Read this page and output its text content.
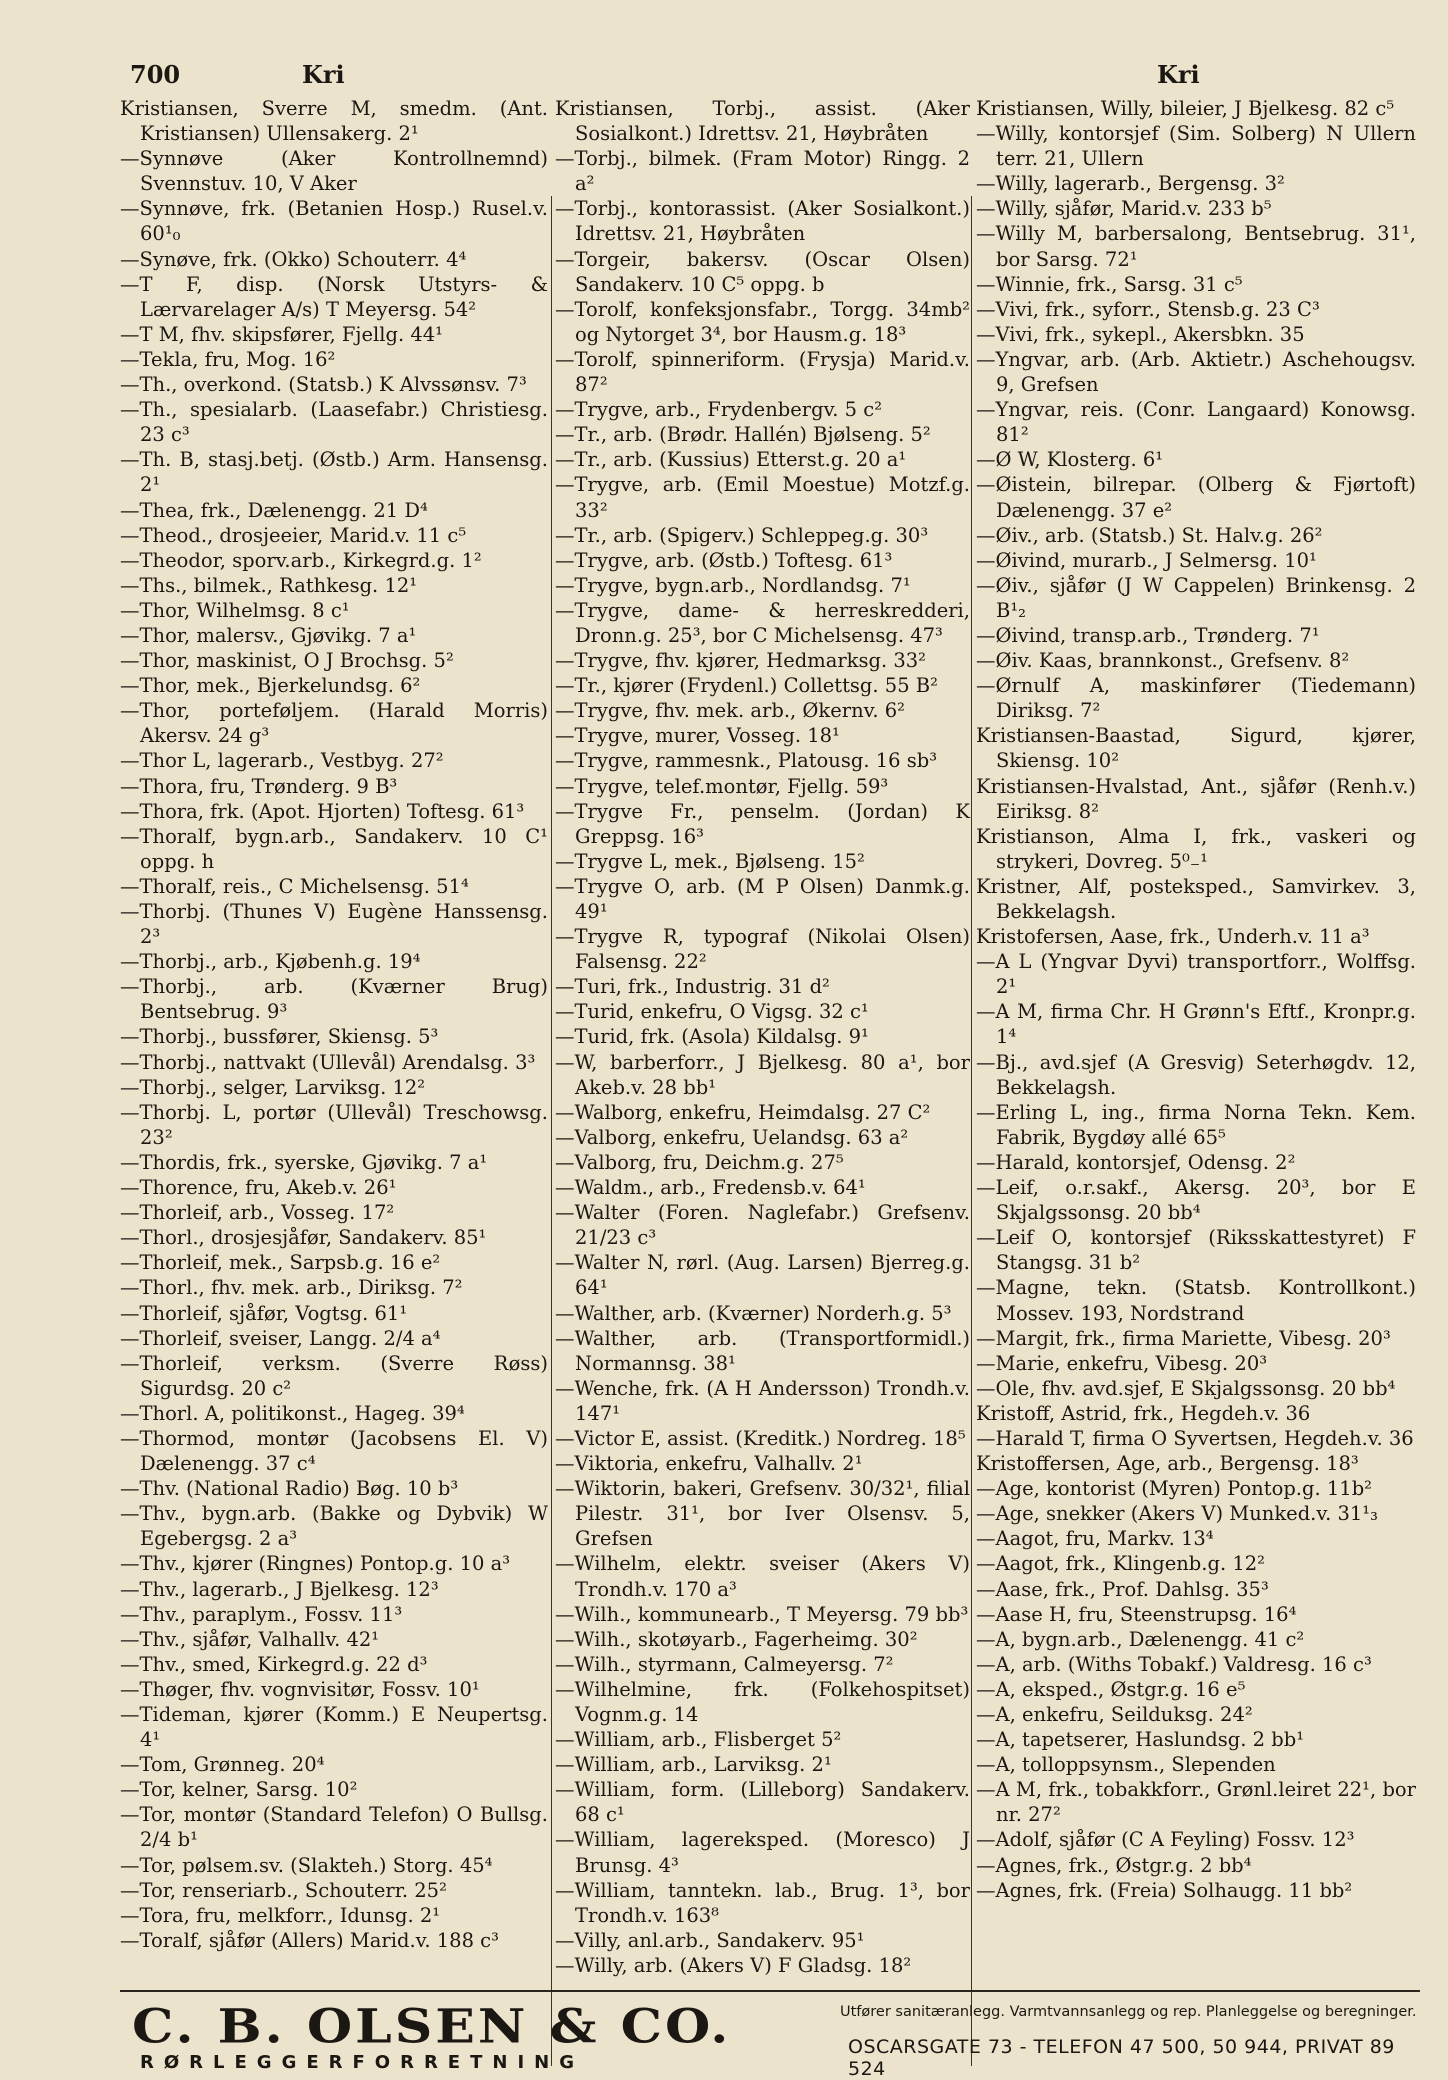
700	Kri	Kri
Kristiansen, Sverre M, smedm. (Ant. Kristiansen) Ullensakerg. 2¹
—Synnøve (Aker Kontrollnemnd) Svennstuv. 10, V Aker
—Synnøve, frk. (Betanien Hosp.) Rusel.v. 60¹₀
—Synøve, frk. (Okko) Schouterr. 4⁴
—T F, disp. (Norsk Utstyrs- & Lærvarelager A/s) T Meyersg. 54²
—T M, fhv. skipsfører, Fjellg. 44¹
—Tekla, fru, Mog. 16²
—Th., overkond. (Statsb.) K Alvssønsv. 7³
—Th., spesialarb. (Laasefabr.) Christiesg. 23 c³
—Th. B, stasj.betj. (Østb.) Arm. Hansensg. 2¹
—Thea, frk., Dælenengg. 21 D⁴
—Theod., drosjeeier, Marid.v. 11 c⁵
—Theodor, sporv.arb., Kirkegrd.g. 1²
—Ths., bilmek., Rathkesg. 12¹
—Thor, Wilhelmsg. 8 c¹
—Thor, malersv., Gjøvikg. 7 a¹
—Thor, maskinist, O J Brochsg. 5²
—Thor, mek., Bjerkelundsg. 6²
—Thor, porteføljem. (Harald Morris) Akersv. 24 g³
—Thor L, lagerarb., Vestbyg. 27²
—Thora, fru, Trønderg. 9 B³
—Thora, frk. (Apot. Hjorten) Toftesg. 61³
—Thoralf, bygn.arb., Sandakerv. 10 C¹ oppg. h
—Thoralf, reis., C Michelsensg. 51⁴
—Thorbj. (Thunes V) Eugène Hanssensg. 2³
—Thorbj., arb., Kjøbenh.g. 19⁴
—Thorbj., arb. (Kværner Brug) Bentsebrug. 9³
—Thorbj., bussfører, Skiensg. 5³
—Thorbj., nattvakt (Ullevål) Arendalsg. 3³
—Thorbj., selger, Larviksg. 12²
—Thorbj. L, portør (Ullevål) Treschowsg. 23²
—Thordis, frk., syerske, Gjøvikg. 7 a¹
—Thorence, fru, Akeb.v. 26¹
—Thorleif, arb., Vosseg. 17²
—Thorl., drosjesjåfør, Sandakerv. 85¹
—Thorleif, mek., Sarpsb.g. 16 e²
—Thorl., fhv. mek. arb., Diriksg. 7²
—Thorleif, sjåfør, Vogtsg. 61¹
—Thorleif, sveiser, Langg. 2/4 a⁴
—Thorleif, verksm. (Sverre Røss) Sigurdsg. 20 c²
—Thorl. A, politikonst., Hageg. 39⁴
—Thormod, montør (Jacobsens El. V) Dælenengg. 37 c⁴
—Thv. (National Radio) Bøg. 10 b³
—Thv., bygn.arb. (Bakke og Dybvik) W Egebergsg. 2 a³
—Thv., kjører (Ringnes) Pontop.g. 10 a³
—Thv., lagerarb., J Bjelkesg. 12³
—Thv., paraplym., Fossv. 11³
—Thv., sjåfør, Valhallv. 42¹
—Thv., smed, Kirkegrd.g. 22 d³
—Thøger, fhv. vognvisitør, Fossv. 10¹
—Tideman, kjører (Komm.) E Neupertsg. 4¹
—Tom, Grønneg. 20⁴
—Tor, kelner, Sarsg. 10²
—Tor, montør (Standard Telefon) O Bullsg. 2/4 b¹
—Tor, pølsem.sv. (Slakteh.) Storg. 45⁴
—Tor, renseriarb., Schouterr. 25²
—Tora, fru, melkforr., Idunsg. 2¹
—Toralf, sjåfør (Allers) Marid.v. 188 c³
Kristiansen, Torbj., assist. (Aker Sosialkont.) Idrettsv. 21, Høybråten
—Torbj., bilmek. (Fram Motor) Ringg. 2 a²
—Torbj., kontorassist. (Aker Sosialkont.) Idrettsv. 21, Høybråten
—Torgeir, bakersv. (Oscar Olsen) Sandakerv. 10 C⁵ oppg. b
—Torolf, konfeksjonsfabr., Torgg. 34mb² og Nytorget 3⁴, bor Hausm.g. 18³
—Torolf, spinneriform. (Frysja) Marid.v. 87²
—Trygve, arb., Frydenbergv. 5 c²
—Tr., arb. (Brødr. Hallén) Bjølseng. 5²
—Tr., arb. (Kussius) Etterst.g. 20 a¹
—Trygve, arb. (Emil Moestue) Motzf.g. 33²
—Tr., arb. (Spigerv.) Schleppeg.g. 30³
—Trygve, arb. (Østb.) Toftesg. 61³
—Trygve, bygn.arb., Nordlandsg. 7¹
—Trygve, dame- & herreskredderi, Dronn.g. 25³, bor C Michelsensg. 47³
—Trygve, fhv. kjører, Hedmarksg. 33²
—Tr., kjører (Frydenl.) Collettsg. 55 B²
—Trygve, fhv. mek. arb., Økernv. 6²
—Trygve, murer, Vosseg. 18¹
—Trygve, rammesnk., Platousg. 16 sb³
—Trygve, telef.montør, Fjellg. 59³
—Trygve Fr., penselm. (Jordan) K Greppsg. 16³
—Trygve L, mek., Bjølseng. 15²
—Trygve O, arb. (M P Olsen) Danmk.g. 49¹
—Trygve R, typograf (Nikolai Olsen) Falsensg. 22²
—Turi, frk., Industrig. 31 d²
—Turid, enkefru, O Vigsg. 32 c¹
—Turid, frk. (Asola) Kildalsg. 9¹
—W, barberforr., J Bjelkesg. 80 a¹, bor Akeb.v. 28 bb¹
—Walborg, enkefru, Heimdalsg. 27 C²
—Valborg, enkefru, Uelandsg. 63 a²
—Valborg, fru, Deichm.g. 27⁵
—Waldm., arb., Fredensb.v. 64¹
—Walter (Foren. Naglefabr.) Grefsenv. 21/23 c³
—Walter N, rørl. (Aug. Larsen) Bjerreg.g. 64¹
—Walther, arb. (Kværner) Norderh.g. 5³
—Walther, arb. (Transportformidl.) Normannsg. 38¹
—Wenche, frk. (A H Andersson) Trondh.v. 147¹
—Victor E, assist. (Kreditk.) Nordreg. 18⁵
—Viktoria, enkefru, Valhallv. 2¹
—Wiktorin, bakeri, Grefsenv. 30/32¹, filial Pilestr. 31¹, bor Iver Olsensv. 5, Grefsen
—Wilhelm, elektr. sveiser (Akers V) Trondh.v. 170 a³
—Wilh., kommunearb., T Meyersg. 79 bb³
—Wilh., skotøyarb., Fagerheimg. 30²
—Wilh., styrmann, Calmeyersg. 7²
—Wilhelmine, frk. (Folkehospitset) Vognm.g. 14
—William, arb., Flisberget 5²
—William, arb., Larviksg. 2¹
—William, form. (Lilleborg) Sandakerv. 68 c¹
—William, lagereksped. (Moresco) J Brunsg. 4³
—William, tanntekn. lab., Brug. 1³, bor Trondh.v. 163⁸
—Villy, anl.arb., Sandakerv. 95¹
—Willy, arb. (Akers V) F Gladsg. 18²
Kristiansen, Willy, bileier, J Bjelkesg. 82 c⁵
—Willy, kontorsjef (Sim. Solberg) N Ullern terr. 21, Ullern
—Willy, lagerarb., Bergensg. 3²
—Willy, sjåfør, Marid.v. 233 b⁵
—Willy M, barbersalong, Bentsebrug. 31¹, bor Sarsg. 72¹
—Winnie, frk., Sarsg. 31 c⁵
—Vivi, frk., syforr., Stensb.g. 23 C³
—Vivi, frk., sykepl., Akersbkn. 35
—Yngvar, arb. (Arb. Aktietr.) Aschehougsv. 9, Grefsen
—Yngvar, reis. (Conr. Langaard) Konowsg. 81²
—Ø W, Klosterg. 6¹
—Øistein, bilrepar. (Olberg & Fjørtoft) Dælenengg. 37 e²
—Øiv., arb. (Statsb.) St. Halv.g. 26²
—Øivind, murarb., J Selmersg. 10¹
—Øiv., sjåfør (J W Cappelen) Brinkensg. 2 B¹₂
—Øivind, transp.arb., Trønderg. 7¹
—Øiv. Kaas, brannkonst., Grefsenv. 8²
—Ørnulf A, maskinfører (Tiedemann) Diriksg. 7²
Kristiansen-Baastad, Sigurd, kjører, Skiensg. 10²
Kristiansen-Hvalstad, Ant., sjåfør (Renh.v.) Eiriksg. 8²
Kristianson, Alma I, frk., vaskeri og strykeri, Dovreg. 5⁰₋¹
Kristner, Alf, posteksped., Samvirkev. 3, Bekkelagsh.
Kristofersen, Aase, frk., Underh.v. 11 a³
—A L (Yngvar Dyvi) transportforr., Wolffsg. 2¹
—A M, firma Chr. H Grønn's Eftf., Kronpr.g. 1⁴
—Bj., avd.sjef (A Gresvig) Seterhøgdv. 12, Bekkelagsh.
—Erling L, ing., firma Norna Tekn. Kem. Fabrik, Bygdøy allé 65⁵
—Harald, kontorsjef, Odensg. 2²
—Leif, o.r.sakf., Akersg. 20³, bor E Skjalgssonsg. 20 bb⁴
—Leif O, kontorsjef (Riksskattestyret) F Stangsg. 31 b²
—Magne, tekn. (Statsb. Kontrollkont.) Mossev. 193, Nordstrand
—Margit, frk., firma Mariette, Vibesg. 20³
—Marie, enkefru, Vibesg. 20³
—Ole, fhv. avd.sjef, E Skjalgssonsg. 20 bb⁴
Kristoff, Astrid, frk., Hegdeh.v. 36
—Harald T, firma O Syvertsen, Hegdeh.v. 36
Kristoffersen, Age, arb., Bergensg. 18³
—Age, kontorist (Myren) Pontop.g. 11b²
—Age, snekker (Akers V) Munked.v. 31¹₃
—Aagot, fru, Markv. 13⁴
—Aagot, frk., Klingenb.g. 12²
—Aase, frk., Prof. Dahlsg. 35³
—Aase H, fru, Steenstrupsg. 16⁴
—A, bygn.arb., Dælenengg. 41 c²
—A, arb. (Withs Tobakf.) Valdresg. 16 c³
—A, eksped., Østgr.g. 16 e⁵
—A, enkefru, Seilduksg. 24²
—A, tapetserer, Haslundsg. 2 bb¹
—A, tolloppsynsm., Slependen
—A M, frk., tobakkforr., Grønl.leiret 22¹, bor nr. 27²
—Adolf, sjåfør (C A Feyling) Fossv. 12³
—Agnes, frk., Østgr.g. 2 bb⁴
—Agnes, frk. (Freia) Solhaugg. 11 bb²
C. B. OLSEN & CO.
RØRLEGGERFORRETNING
Utfører sanitæranlegg. Varmtvannsanlegg og rep. Planleggelse og beregninger.
OSCARSGATE 73 - TELEFON 47 500, 50 944, PRIVAT 89 524
